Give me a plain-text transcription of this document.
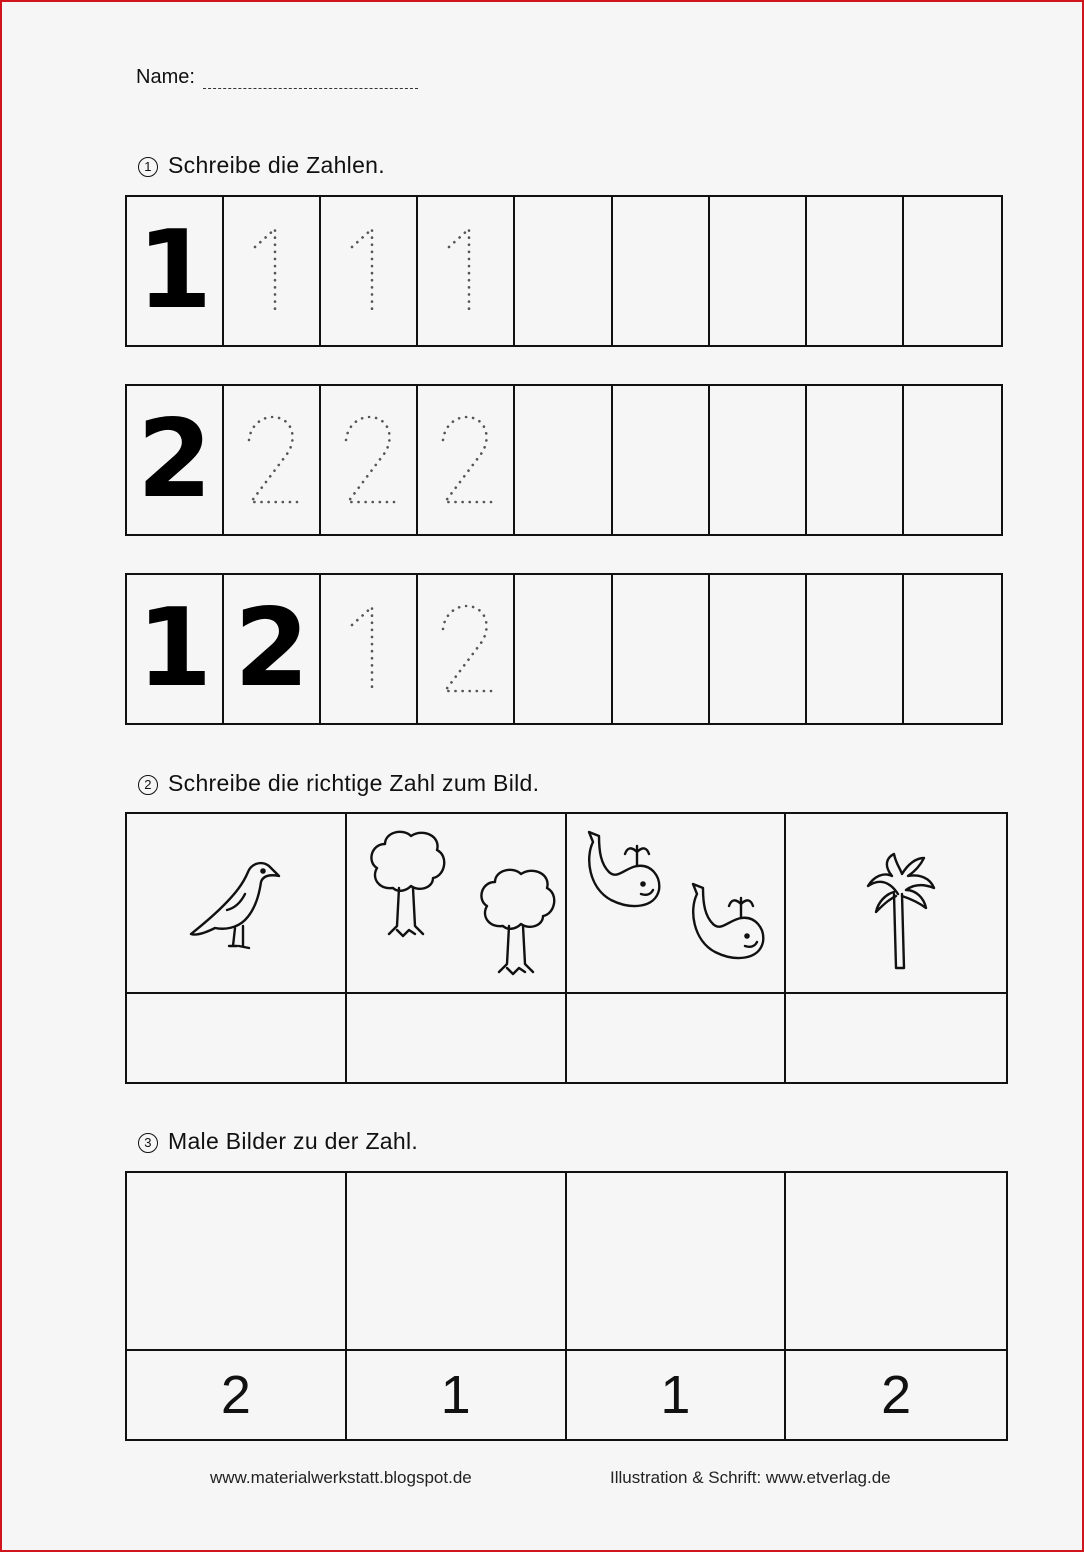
Name:
1 Schreibe die Zahlen.
1
2
1 2
2 Schreibe die richtige Zahl zum Bild.
3 Male Bilder zu der Zahl.
2	1	1	2
www.materialwerkstatt.blogspot.de	Illustration & Schrift: www.etverlag.de
